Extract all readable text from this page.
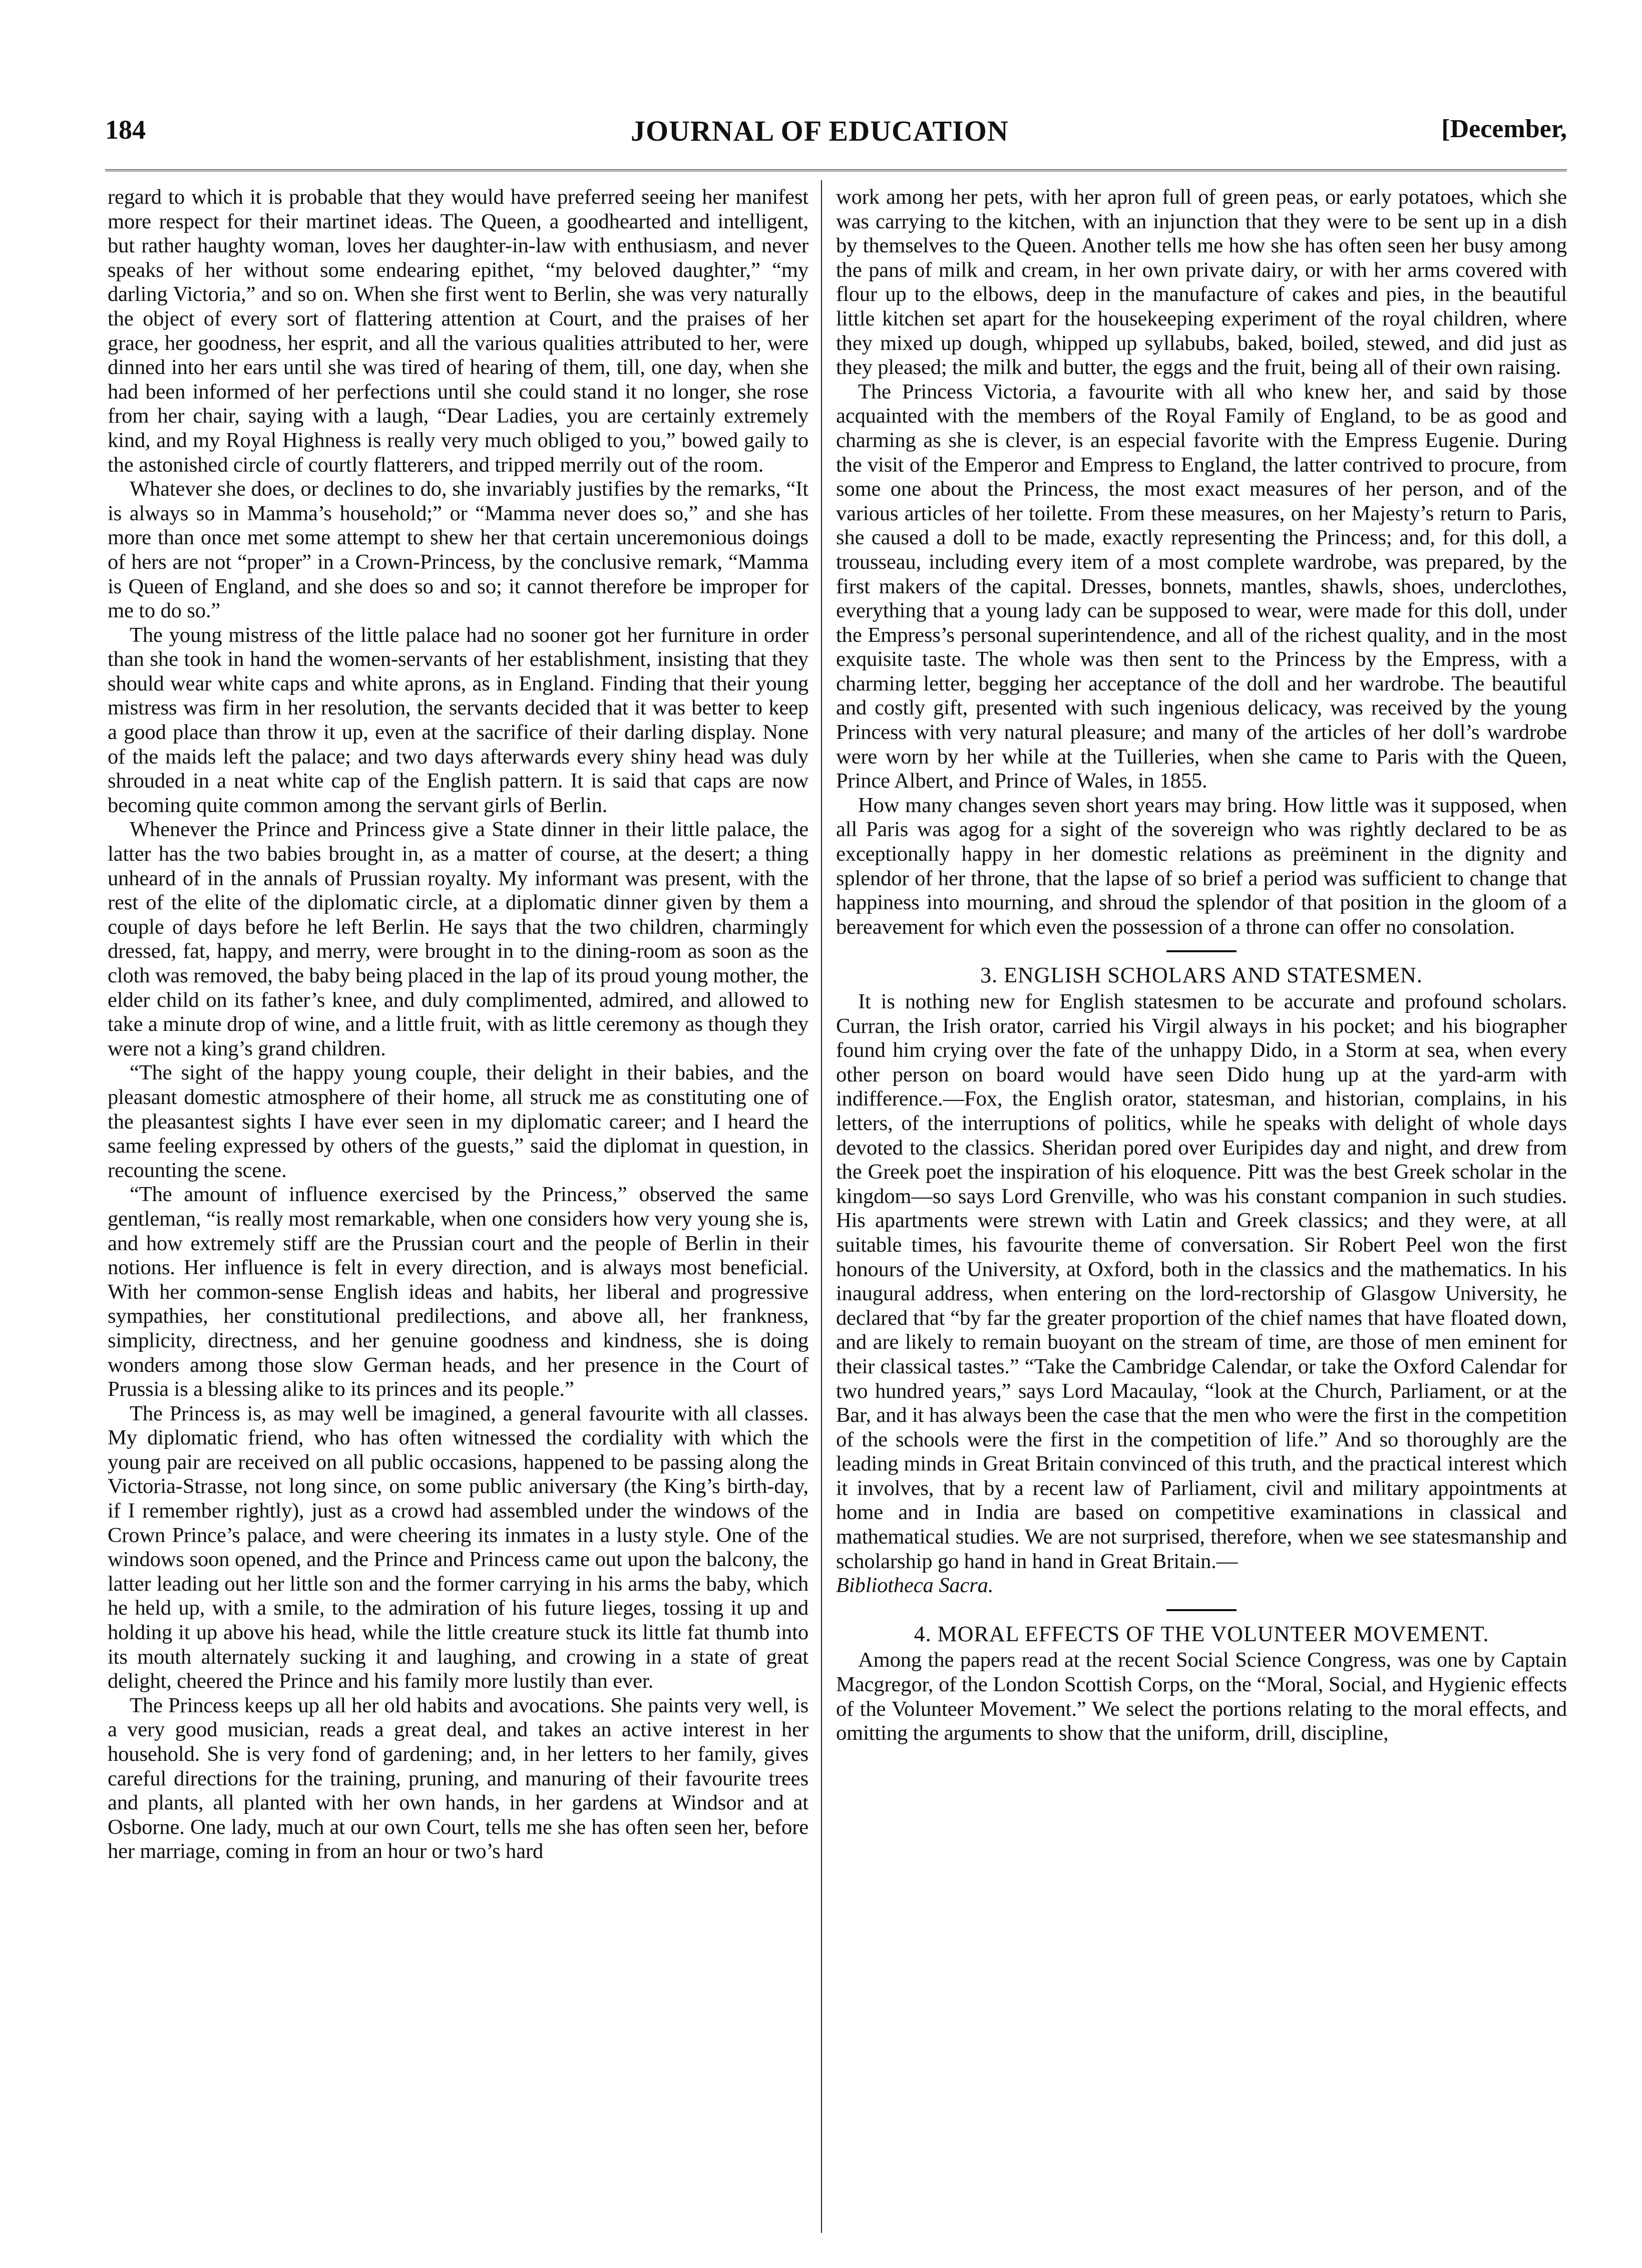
184	JOURNAL OF EDUCATION	[December,

regard to which it is probable that they would have preferred seeing her manifest more respect for their martinet ideas. The Queen, a goodhearted and intelligent, but rather haughty woman, loves her daughter-in-law with enthusiasm, and never speaks of her without some endearing epithet, “my beloved daughter,” “my darling Victoria,” and so on. When she first went to Berlin, she was very naturally the object of every sort of flattering attention at Court, and the praises of her grace, her goodness, her esprit, and all the various qualities attributed to her, were dinned into her ears until she was tired of hearing of them, till, one day, when she had been informed of her perfections until she could stand it no longer, she rose from her chair, saying with a laugh, “Dear Ladies, you are certainly extremely kind, and my Royal Highness is really very much obliged to you,” bowed gaily to the astonished circle of courtly flatterers, and tripped merrily out of the room.

Whatever she does, or declines to do, she invariably justifies by the remarks, “It is always so in Mamma’s household;” or “Mamma never does so,” and she has more than once met some attempt to shew her that certain unceremonious doings of hers are not “proper” in a Crown-Princess, by the conclusive remark, “Mamma is Queen of England, and she does so and so; it cannot therefore be improper for me to do so.”

The young mistress of the little palace had no sooner got her furniture in order than she took in hand the women-servants of her establishment, insisting that they should wear white caps and white aprons, as in England. Finding that their young mistress was firm in her resolution, the servants decided that it was better to keep a good place than throw it up, even at the sacrifice of their darling display. None of the maids left the palace; and two days afterwards every shiny head was duly shrouded in a neat white cap of the English pattern. It is said that caps are now becoming quite common among the servant girls of Berlin.

Whenever the Prince and Princess give a State dinner in their little palace, the latter has the two babies brought in, as a matter of course, at the desert; a thing unheard of in the annals of Prussian royalty. My informant was present, with the rest of the elite of the diplomatic circle, at a diplomatic dinner given by them a couple of days before he left Berlin. He says that the two children, charmingly dressed, fat, happy, and merry, were brought in to the dining-room as soon as the cloth was removed, the baby being placed in the lap of its proud young mother, the elder child on its father’s knee, and duly complimented, admired, and allowed to take a minute drop of wine, and a little fruit, with as little ceremony as though they were not a king’s grand children.

“The sight of the happy young couple, their delight in their babies, and the pleasant domestic atmosphere of their home, all struck me as constituting one of the pleasantest sights I have ever seen in my diplomatic career; and I heard the same feeling expressed by others of the guests,” said the diplomat in question, in recounting the scene.

“The amount of influence exercised by the Princess,” observed the same gentleman, “is really most remarkable, when one considers how very young she is, and how extremely stiff are the Prussian court and the people of Berlin in their notions. Her influence is felt in every direction, and is always most beneficial. With her common-sense English ideas and habits, her liberal and progressive sympathies, her constitutional predilections, and above all, her frankness, simplicity, directness, and her genuine goodness and kindness, she is doing wonders among those slow German heads, and her presence in the Court of Prussia is a blessing alike to its princes and its people.”

The Princess is, as may well be imagined, a general favourite with all classes. My diplomatic friend, who has often witnessed the cordiality with which the young pair are received on all public occasions, happened to be passing along the Victoria-Strasse, not long since, on some public aniversary (the King’s birth-day, if I remember rightly), just as a crowd had assembled under the windows of the Crown Prince’s palace, and were cheering its inmates in a lusty style. One of the windows soon opened, and the Prince and Princess came out upon the balcony, the latter leading out her little son and the former carrying in his arms the baby, which he held up, with a smile, to the admiration of his future lieges, tossing it up and holding it up above his head, while the little creature stuck its little fat thumb into its mouth alternately sucking it and laughing, and crowing in a state of great delight, cheered the Prince and his family more lustily than ever.

The Princess keeps up all her old habits and avocations. She paints very well, is a very good musician, reads a great deal, and takes an active interest in her household. She is very fond of gardening; and, in her letters to her family, gives careful directions for the training, pruning, and manuring of their favourite trees and plants, all planted with her own hands, in her gardens at Windsor and at Osborne. One lady, much at our own Court, tells me she has often seen her, before her marriage, coming in from an hour or two’s hard

work among her pets, with her apron full of green peas, or early potatoes, which she was carrying to the kitchen, with an injunction that they were to be sent up in a dish by themselves to the Queen. Another tells me how she has often seen her busy among the pans of milk and cream, in her own private dairy, or with her arms covered with flour up to the elbows, deep in the manufacture of cakes and pies, in the beautiful little kitchen set apart for the housekeeping experiment of the royal children, where they mixed up dough, whipped up syllabubs, baked, boiled, stewed, and did just as they pleased; the milk and butter, the eggs and the fruit, being all of their own raising.

The Princess Victoria, a favourite with all who knew her, and said by those acquainted with the members of the Royal Family of England, to be as good and charming as she is clever, is an especial favorite with the Empress Eugenie. During the visit of the Emperor and Empress to England, the latter contrived to procure, from some one about the Princess, the most exact measures of her person, and of the various articles of her toilette. From these measures, on her Majesty’s return to Paris, she caused a doll to be made, exactly representing the Princess; and, for this doll, a trousseau, including every item of a most complete wardrobe, was prepared, by the first makers of the capital. Dresses, bonnets, mantles, shawls, shoes, underclothes, everything that a young lady can be supposed to wear, were made for this doll, under the Empress’s personal superintendence, and all of the richest quality, and in the most exquisite taste. The whole was then sent to the Princess by the Empress, with a charming letter, begging her acceptance of the doll and her wardrobe. The beautiful and costly gift, presented with such ingenious delicacy, was received by the young Princess with very natural pleasure; and many of the articles of her doll’s wardrobe were worn by her while at the Tuilleries, when she came to Paris with the Queen, Prince Albert, and Prince of Wales, in 1855.

How many changes seven short years may bring. How little was it supposed, when all Paris was agog for a sight of the sovereign who was rightly declared to be as exceptionally happy in her domestic relations as preëminent in the dignity and splendor of her throne, that the lapse of so brief a period was sufficient to change that happiness into mourning, and shroud the splendor of that position in the gloom of a bereavement for which even the possession of a throne can offer no consolation.

3. ENGLISH SCHOLARS AND STATESMEN.

It is nothing new for English statesmen to be accurate and profound scholars. Curran, the Irish orator, carried his Virgil always in his pocket; and his biographer found him crying over the fate of the unhappy Dido, in a Storm at sea, when every other person on board would have seen Dido hung up at the yard-arm with indifference.—Fox, the English orator, statesman, and historian, complains, in his letters, of the interruptions of politics, while he speaks with delight of whole days devoted to the classics. Sheridan pored over Euripides day and night, and drew from the Greek poet the inspiration of his eloquence. Pitt was the best Greek scholar in the kingdom—so says Lord Grenville, who was his constant companion in such studies. His apartments were strewn with Latin and Greek classics; and they were, at all suitable times, his favourite theme of conversation. Sir Robert Peel won the first honours of the University, at Oxford, both in the classics and the mathematics. In his inaugural address, when entering on the lord-rectorship of Glasgow University, he declared that “by far the greater proportion of the chief names that have floated down, and are likely to remain buoyant on the stream of time, are those of men eminent for their classical tastes.” “Take the Cambridge Calendar, or take the Oxford Calendar for two hundred years,” says Lord Macaulay, “look at the Church, Parliament, or at the Bar, and it has always been the case that the men who were the first in the competition of the schools were the first in the competition of life.” And so thoroughly are the leading minds in Great Britain convinced of this truth, and the practical interest which it involves, that by a recent law of Parliament, civil and military appointments at home and in India are based on competitive examinations in classical and mathematical studies. We are not surprised, therefore, when we see statesmanship and scholarship go hand in hand in Great Britain.—

Bibliotheca Sacra.

4. MORAL EFFECTS OF THE VOLUNTEER MOVEMENT.

Among the papers read at the recent Social Science Congress, was one by Captain Macgregor, of the London Scottish Corps, on the “Moral, Social, and Hygienic effects of the Volunteer Movement.” We select the portions relating to the moral effects, and omitting the arguments to show that the uniform, drill, discipline,
